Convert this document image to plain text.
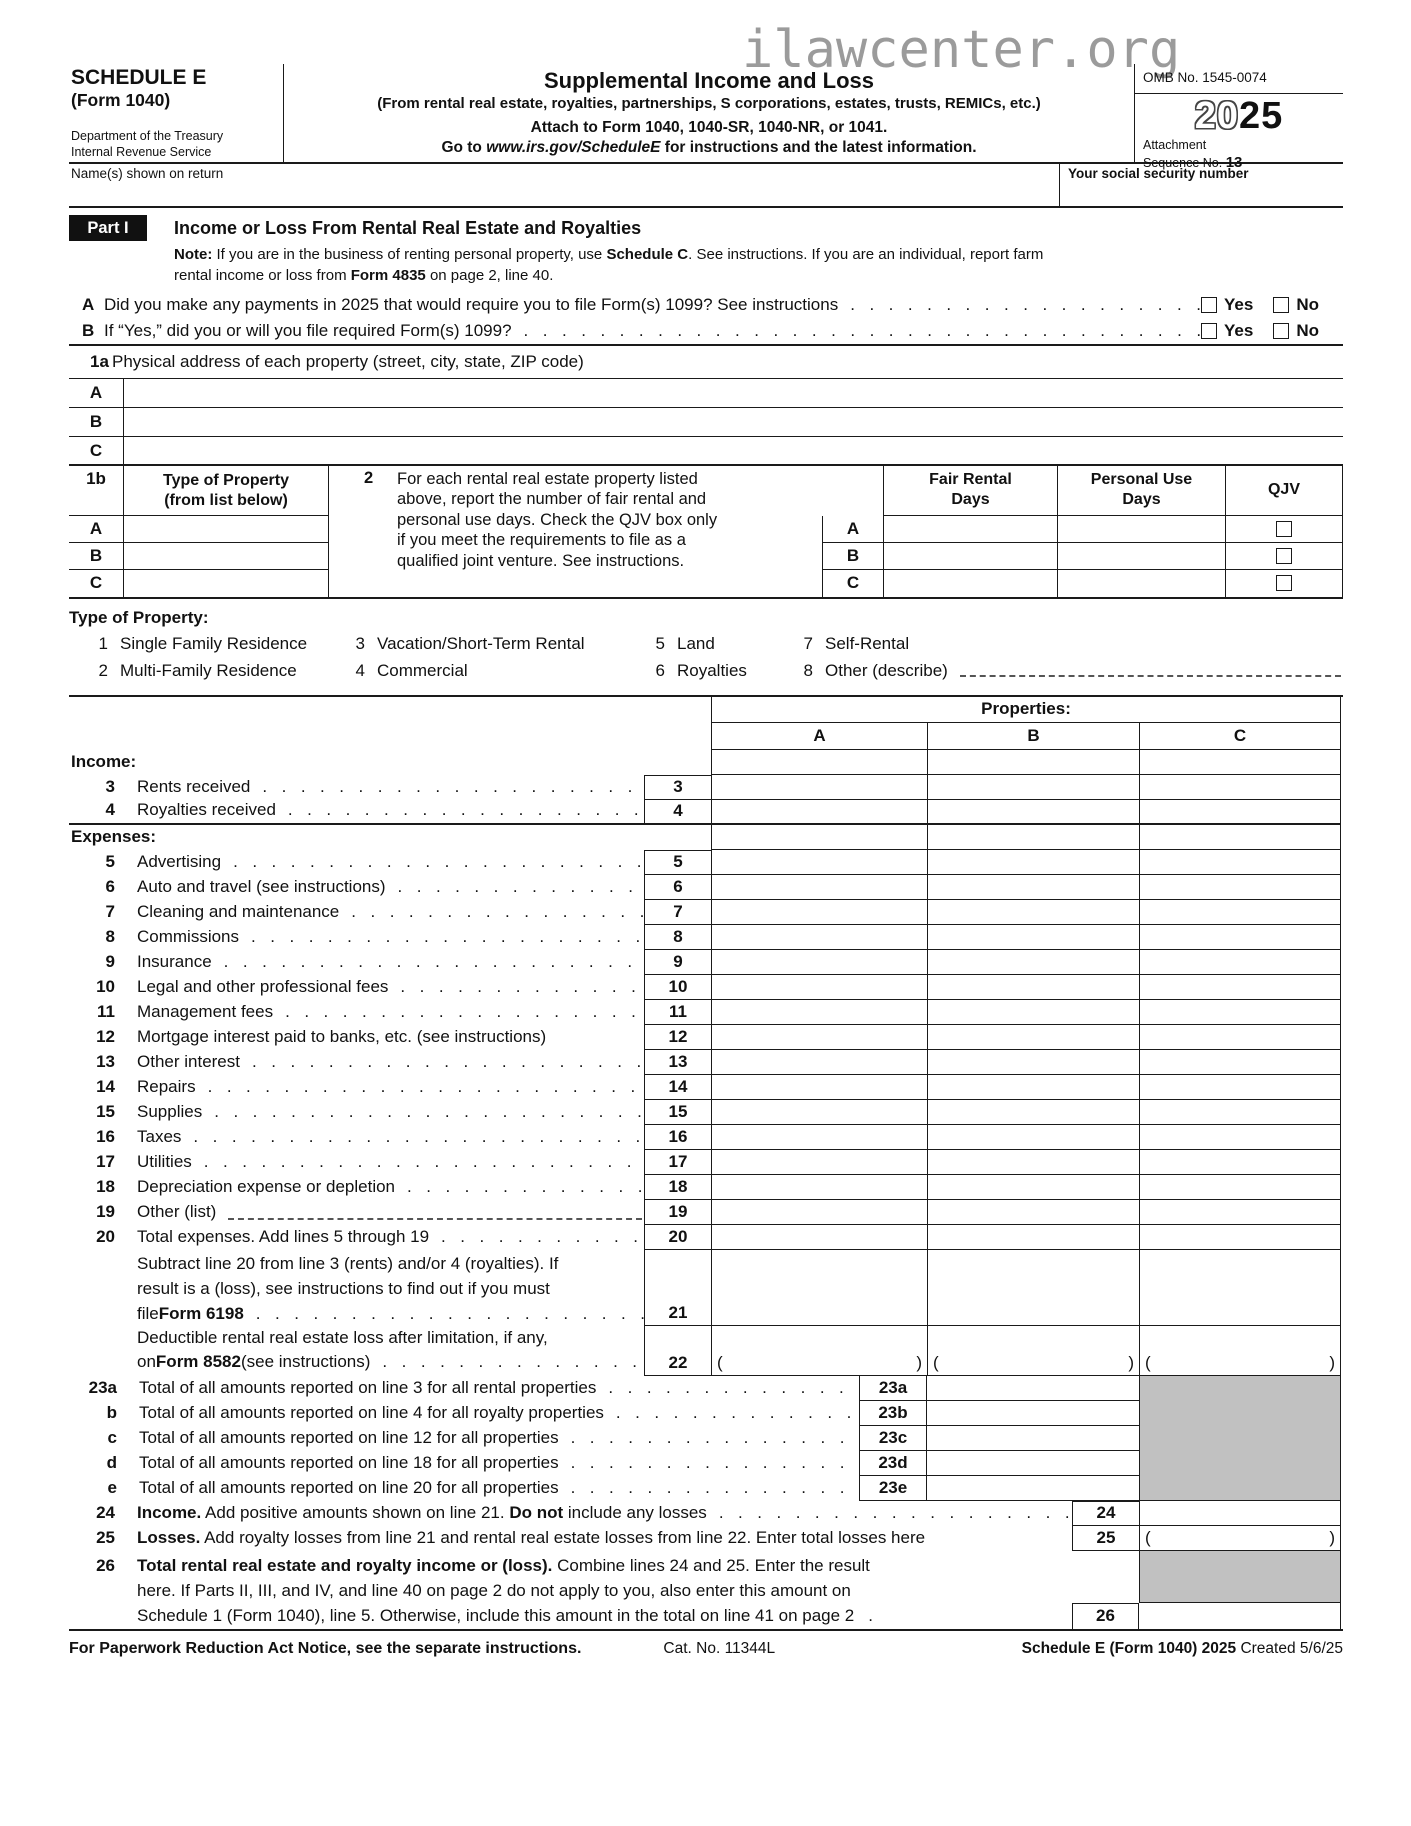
ilawcenter.org
SCHEDULE E
(Form 1040)
Department of the Treasury
Internal Revenue Service
Supplemental Income and Loss
(From rental real estate, royalties, partnerships, S corporations, estates, trusts, REMICs, etc.)
Attach to Form 1040, 1040-SR, 1040-NR, or 1041.
Go to www.irs.gov/ScheduleE for instructions and the latest information.
OMB No. 1545-0074
2025
Attachment
Sequence No. 13
Name(s) shown on return	Your social security number
Part I	Income or Loss From Rental Real Estate and Royalties
Note: If you are in the business of renting personal property, use Schedule C. See instructions. If you are an individual, report farm
rental income or loss from Form 4835 on page 2, line 40.
A Did you make any payments in 2025 that would require you to file Form(s) 1099? See instructions .....	Yes	No
B If “Yes,” did you or will you file required Form(s) 1099? .....	Yes	No
1a Physical address of each property (street, city, state, ZIP code)
A
B
C
1b	Type of Property
(from list below)
A
B
C
2	For each rental real estate property listed
above, report the number of fair rental and
personal use days. Check the QJV box only
if you meet the requirements to file as a
qualified joint venture. See instructions.
Fair Rental
Days
Personal Use
Days
QJV
A
B
C
Type of Property:
1 Single Family Residence	3 Vacation/Short-Term Rental	5 Land	7 Self-Rental
2 Multi-Family Residence	4 Commercial	6 Royalties	8 Other (describe)
Properties:
A	B	C
Income:
3 Rents received .....	3
4 Royalties received .....	4
Expenses:
5 Advertising .....	5
6 Auto and travel (see instructions) .....	6
7 Cleaning and maintenance .....	7
8 Commissions .....	8
9 Insurance .....	9
10 Legal and other professional fees .....	10
11 Management fees .....	11
12 Mortgage interest paid to banks, etc. (see instructions)	12
13 Other interest .....	13
14 Repairs .....	14
15 Supplies .....	15
16 Taxes .....	16
17 Utilities .....	17
18 Depreciation expense or depletion .....	18
19 Other (list)	19
20 Total expenses. Add lines 5 through 19 .....	20
Subtract line 20 from line 3 (rents) and/or 4 (royalties). If
result is a (loss), see instructions to find out if you must
file Form 6198 .....	21
Deductible rental real estate loss after limitation, if any,
on Form 8582 (see instructions) .....	22	(	) (	) (	)
23a Total of all amounts reported on line 3 for all rental properties .....	23a
b Total of all amounts reported on line 4 for all royalty properties .....	23b
c Total of all amounts reported on line 12 for all properties .....	23c
d Total of all amounts reported on line 18 for all properties .....	23d
e Total of all amounts reported on line 20 for all properties .....	23e
24 Income. Add positive amounts shown on line 21. Do not include any losses .....	24
25 Losses. Add royalty losses from line 21 and rental real estate losses from line 22. Enter total losses here	25	(	)
26 Total rental real estate and royalty income or (loss). Combine lines 24 and 25. Enter the result
here. If Parts II, III, and IV, and line 40 on page 2 do not apply to you, also enter this amount on
Schedule 1 (Form 1040), line 5. Otherwise, include this amount in the total on line 41 on page 2 .	26
For Paperwork Reduction Act Notice, see the separate instructions.	Cat. No. 11344L	Schedule E (Form 1040) 2025 Created 5/6/25
